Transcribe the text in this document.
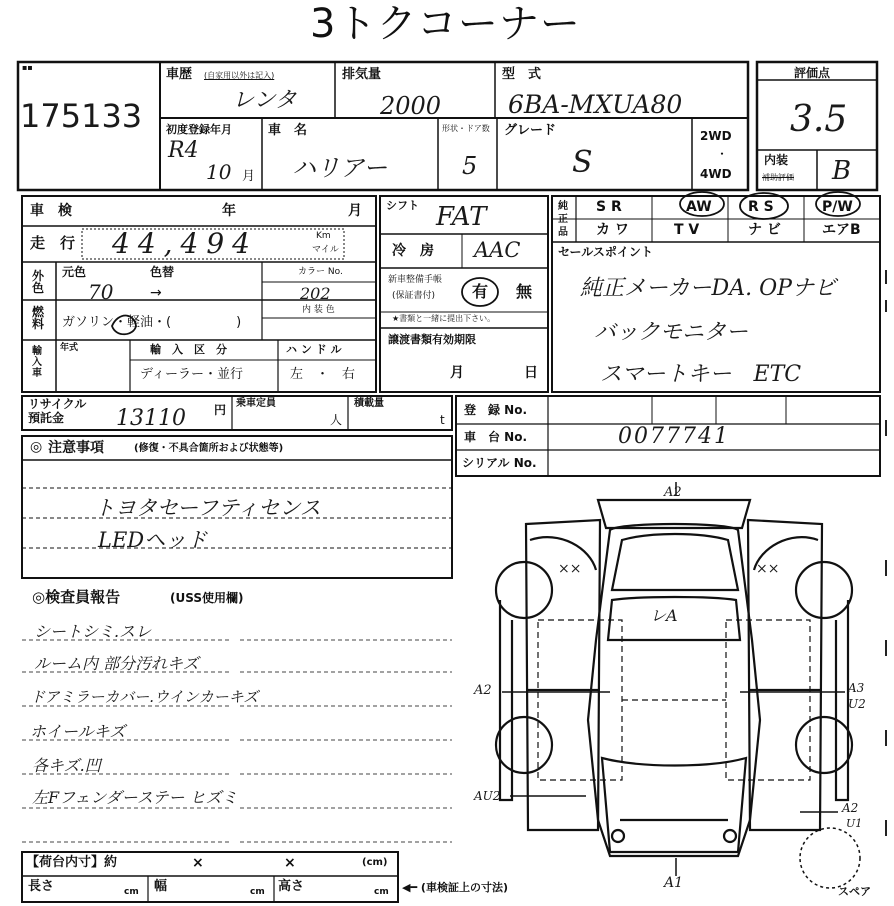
3トクコーナー
▪▪
175133
車歴 (自家用以外は記入)
レンタ
排気量
2000
型　式
6BA-MXUA80
評価点
3.5
初度登録年月
R4
10 月
車　名
ハリアー
形状・ドア数
5
グレード
S
2WD
・
4WD
内装
補助評価 B
車　検	年	月
走　行 44,494	Km
マイル
外色
元色	色替
70	→
カラー No.
202
燃料 ガソリン・軽油・(　　　　　)
内 装 色
輸入車
年式	輸　入　区　分
ディーラー・並行
ハ ン ド ル
左　・　右
シフト FAT
冷　房 AAC
新車整備手帳
(保証書付) 有 無
★書類と一緒に提出下さい。
譲渡書類有効期限
月	日
純正品
S R	AW	R S	P/W
カ ワ	T V	ナ ビ	エアB
セールスポイント
純正メーカーDA. OPナビ
バックモニター
スマートキー　ETC
リサイクル
預託金 13110 円 乗車定員
人
積載量
t
登　録 No.
車　台 No.	0077741
シリアル No.
◎ 注意事項	(修復・不具合箇所および状態等)
トヨタセーフティセンス
LEDヘッド
◎検査員報告	(USS使用欄)
シートシミ.スレ
ルーム内 部分汚れキズ
ドアミラーカバー.ウインカーキズ
ホイールキズ
各キズ.凹
左Fフェンダーステー ヒズミ
【荷台内寸】約	×	×	(cm)
長さ	cm 幅	cm 高さ	cm ◀━ (車検証上の寸法)
A2
××	××
レA
A2	A3
U2
AU2
A2
U1
A1
スペア
